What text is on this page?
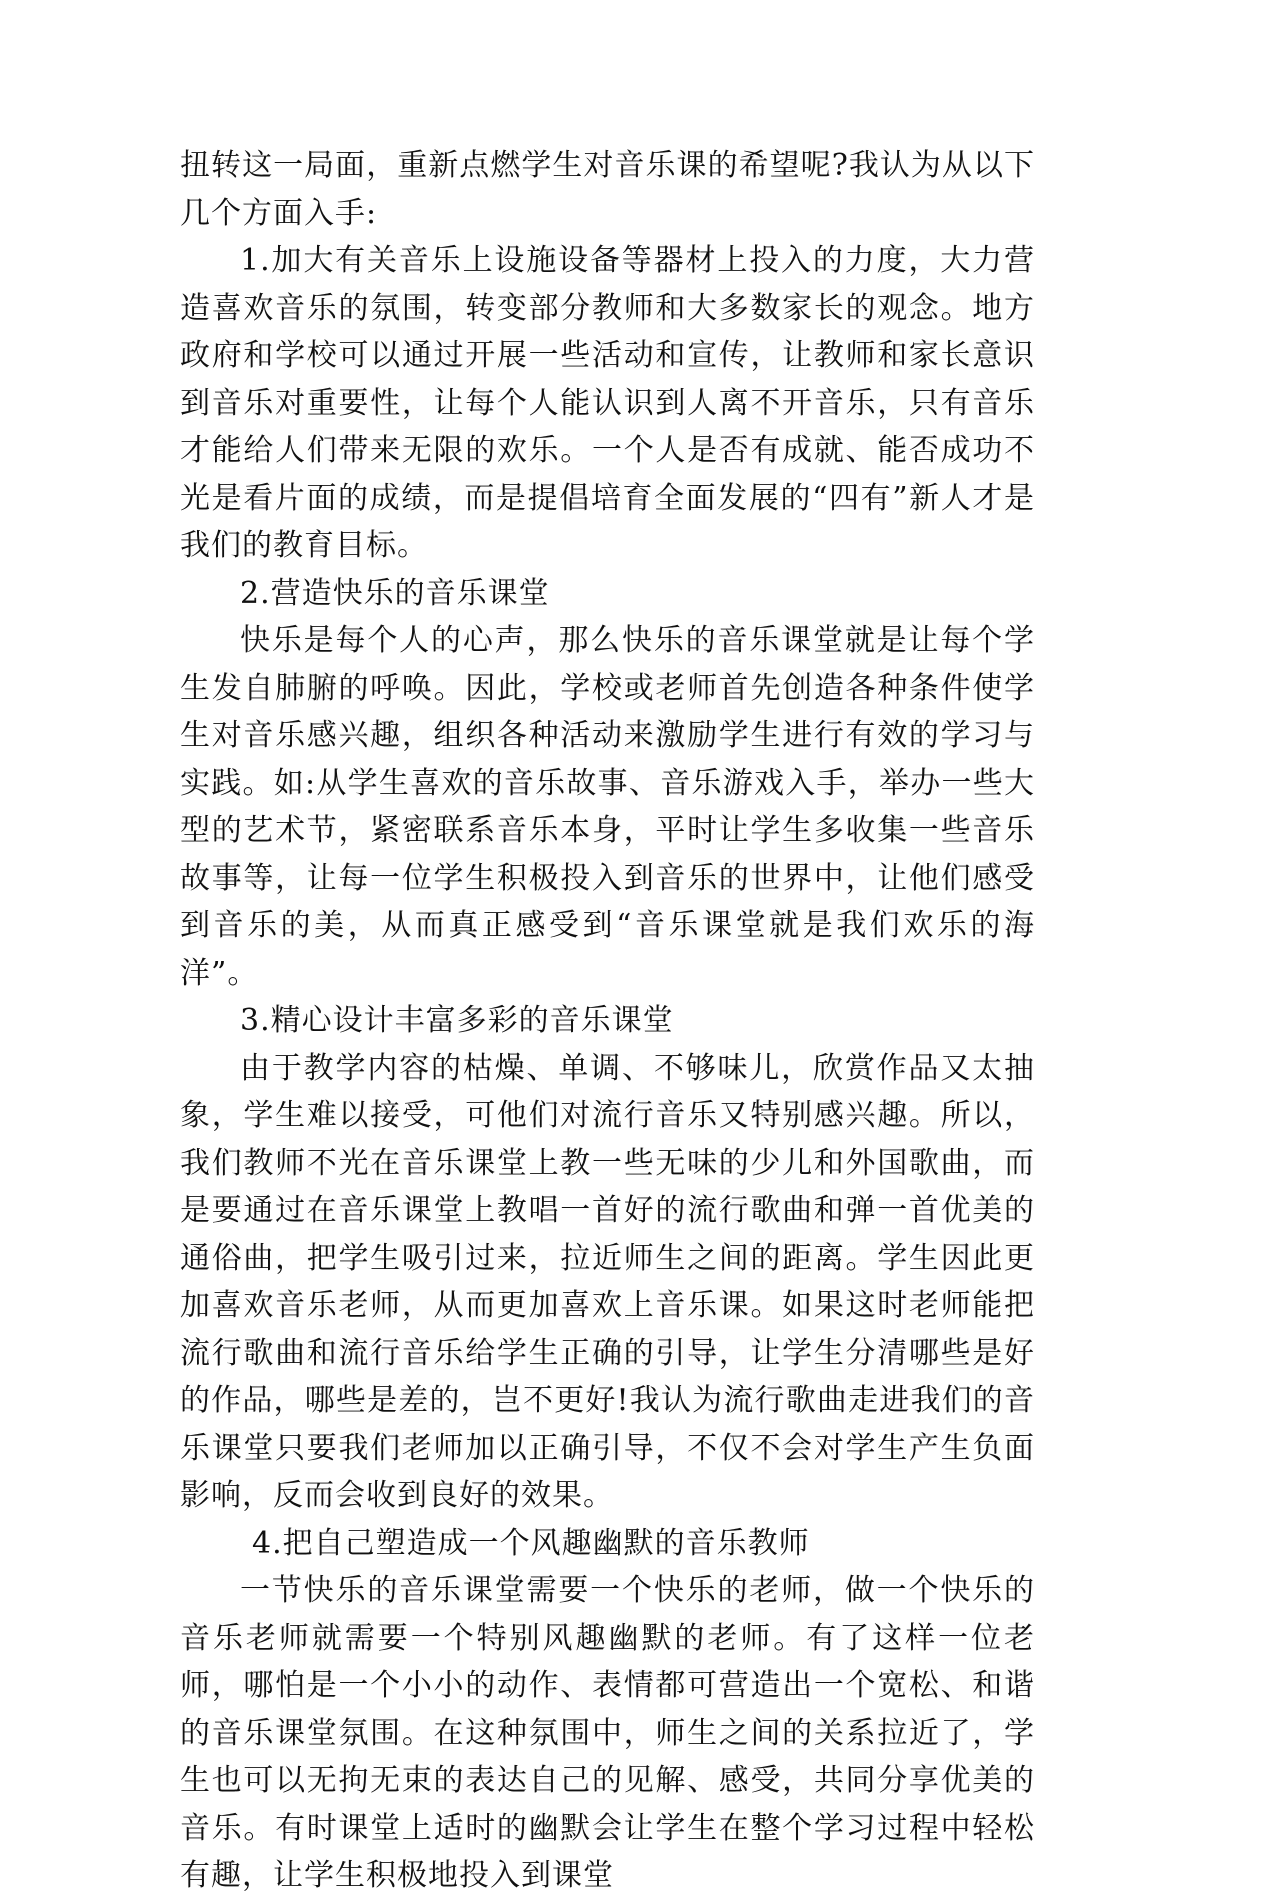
扭转这一局面，重新点燃学生对音乐课的希望呢?我认为从以下几个方面入手:

1.加大有关音乐上设施设备等器材上投入的力度，大力营造喜欢音乐的氛围，转变部分教师和大多数家长的观念。地方政府和学校可以通过开展一些活动和宣传，让教师和家长意识到音乐对重要性，让每个人能认识到人离不开音乐，只有音乐才能给人们带来无限的欢乐。一个人是否有成就、能否成功不光是看片面的成绩，而是提倡培育全面发展的“四有”新人才是我们的教育目标。

2.营造快乐的音乐课堂

快乐是每个人的心声，那么快乐的音乐课堂就是让每个学生发自肺腑的呼唤。因此，学校或老师首先创造各种条件使学生对音乐感兴趣，组织各种活动来激励学生进行有效的学习与实践。如:从学生喜欢的音乐故事、音乐游戏入手，举办一些大型的艺术节，紧密联系音乐本身，平时让学生多收集一些音乐故事等，让每一位学生积极投入到音乐的世界中，让他们感受到音乐的美，从而真正感受到“音乐课堂就是我们欢乐的海洋”。

3.精心设计丰富多彩的音乐课堂

由于教学内容的枯燥、单调、不够味儿，欣赏作品又太抽象，学生难以接受，可他们对流行音乐又特别感兴趣。所以，我们教师不光在音乐课堂上教一些无味的少儿和外国歌曲，而是要通过在音乐课堂上教唱一首好的流行歌曲和弹一首优美的通俗曲，把学生吸引过来，拉近师生之间的距离。学生因此更加喜欢音乐老师，从而更加喜欢上音乐课。如果这时老师能把流行歌曲和流行音乐给学生正确的引导，让学生分清哪些是好的作品，哪些是差的，岂不更好!我认为流行歌曲走进我们的音乐课堂只要我们老师加以正确引导，不仅不会对学生产生负面影响，反而会收到良好的效果。

4.把自己塑造成一个风趣幽默的音乐教师

一节快乐的音乐课堂需要一个快乐的老师，做一个快乐的音乐老师就需要一个特别风趣幽默的老师。有了这样一位老师，哪怕是一个小小的动作、表情都可营造出一个宽松、和谐的音乐课堂氛围。在这种氛围中，师生之间的关系拉近了，学生也可以无拘无束的表达自己的见解、感受，共同分享优美的音乐。有时课堂上适时的幽默会让学生在整个学习过程中轻松有趣，让学生积极地投入到课堂
